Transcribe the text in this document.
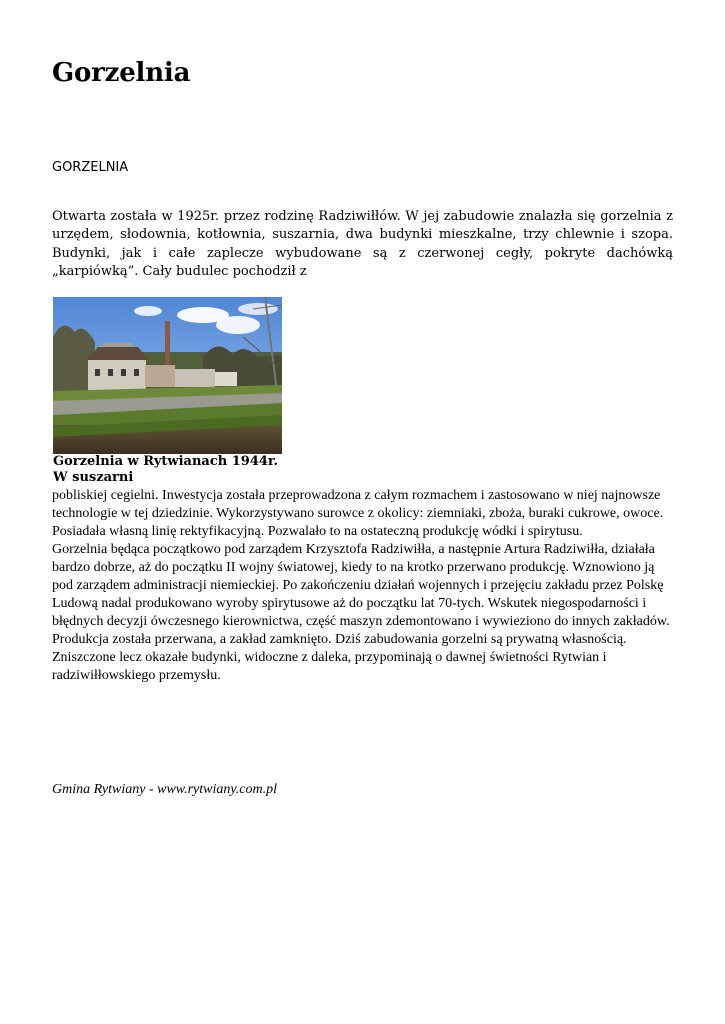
Gorzelnia
GORZELNIA

Otwarta została w 1925r. przez rodzinę Radziwiłłów. W jej zabudowie znalazła się gorzelnia z urzędem, słodownia, kotłownia, suszarnia, dwa budynki mieszkalne, trzy chlewnie i szopa. Budynki, jak i całe zaplecze wybudowane są z czerwonej cegły, pokryte dachówką „karpiówką”. Cały budulec pochodził z

Gorzelnia w Rytwianach 1944r. W suszarni

pobliskiej cegielni. Inwestycja została przeprowadzona z całym rozmachem i zastosowano w niej najnowsze technologie w tej dziedzinie. Wykorzystywano surowce z okolicy: ziemniaki, zboża, buraki cukrowe, owoce. Posiadała własną linię rektyfikacyjną. Pozwalało to na ostateczną produkcję wódki i spirytusu.

Gorzelnia będąca początkowo pod zarządem Krzysztofa Radziwiłła, a następnie Artura Radziwiłła, działała bardzo dobrze, aż do początku II wojny światowej, kiedy to na krotko przerwano produkcję. Wznowiono ją pod zarządem administracji niemieckiej. Po zakończeniu działań wojennych i przejęciu zakładu przez Polskę Ludową nadal produkowano wyroby spirytusowe aż do początku lat 70-tych. Wskutek niegospodarności i błędnych decyzji ówczesnego kierownictwa, część maszyn zdemontowano i wywieziono do innych zakładów. Produkcja została przerwana, a zakład zamknięto. Dziś zabudowania gorzelni są prywatną własnością. Zniszczone lecz okazałe budynki, widoczne z daleka, przypominają o dawnej świetności Rytwian i radziwiłłowskiego przemysłu.

Gmina Rytwiany - www.rytwiany.com.pl
